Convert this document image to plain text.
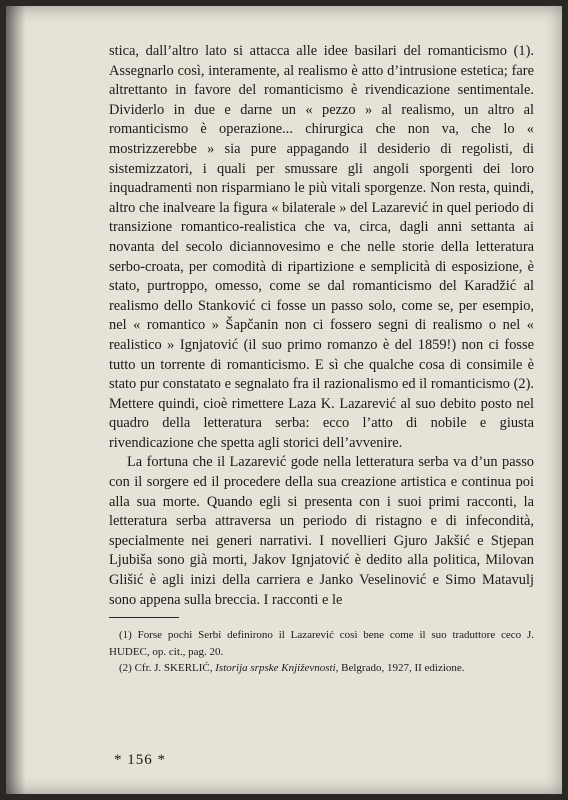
stica, dall’altro lato si attacca alle idee basilari del romanticismo (1). Assegnarlo così, interamente, al realismo è atto d’intrusione estetica; fare altrettanto in favore del romanticismo è rivendicazione sentimentale. Dividerlo in due e darne un « pezzo » al realismo, un altro al romanticismo è operazione... chirurgica che non va, che lo « mostrizzerebbe » sia pure appagando il desiderio di regolisti, di sistemizzatori, i quali per smussare gli angoli sporgenti dei loro inquadramenti non risparmiano le più vitali sporgenze. Non resta, quindi, altro che inalveare la figura « bilaterale » del Lazarević in quel periodo di transizione romantico-realistica che va, circa, dagli anni settanta ai novanta del secolo diciannovesimo e che nelle storie della letteratura serbo-croata, per comodità di ripartizione e semplicità di esposizione, è stato, purtroppo, omesso, come se dal romanticismo del Karadžić al realismo dello Stanković ci fosse un passo solo, come se, per esempio, nel « romantico » Šapčanin non ci fossero segni di realismo o nel « realistico » Ignjatović (il suo primo romanzo è del 1859!) non ci fosse tutto un torrente di romanticismo. E sì che qualche cosa di consimile è stato pur constatato e segnalato fra il razionalismo ed il romanticismo (2). Mettere quindi, cioè rimettere Laza K. Lazarević al suo debito posto nel quadro della letteratura serba: ecco l’atto di nobile e giusta rivendicazione che spetta agli storici dell’avvenire.

La fortuna che il Lazarević gode nella letteratura serba va d’un passo con il sorgere ed il procedere della sua creazione artistica e continua poi alla sua morte. Quando egli si presenta con i suoi primi racconti, la letteratura serba attraversa un periodo di ristagno e di infecondità, specialmente nei generi narrativi. I novellieri Gjuro Jakšić e Stjepan Ljubiša sono già morti, Jakov Ignjatović è dedito alla politica, Milovan Glišić è agli inizi della carriera e Janko Veselinović e Simo Matavulj sono appena sulla breccia. I racconti e le

(1) Forse pochi Serbi definirono il Lazarević così bene come il suo traduttore ceco J. HUDEC, op. cit., pag. 20.

(2) Cfr. J. SKERLIĆ, Istorija srpske Književnosti, Belgrado, 1927, II edizione.

* 156 *
